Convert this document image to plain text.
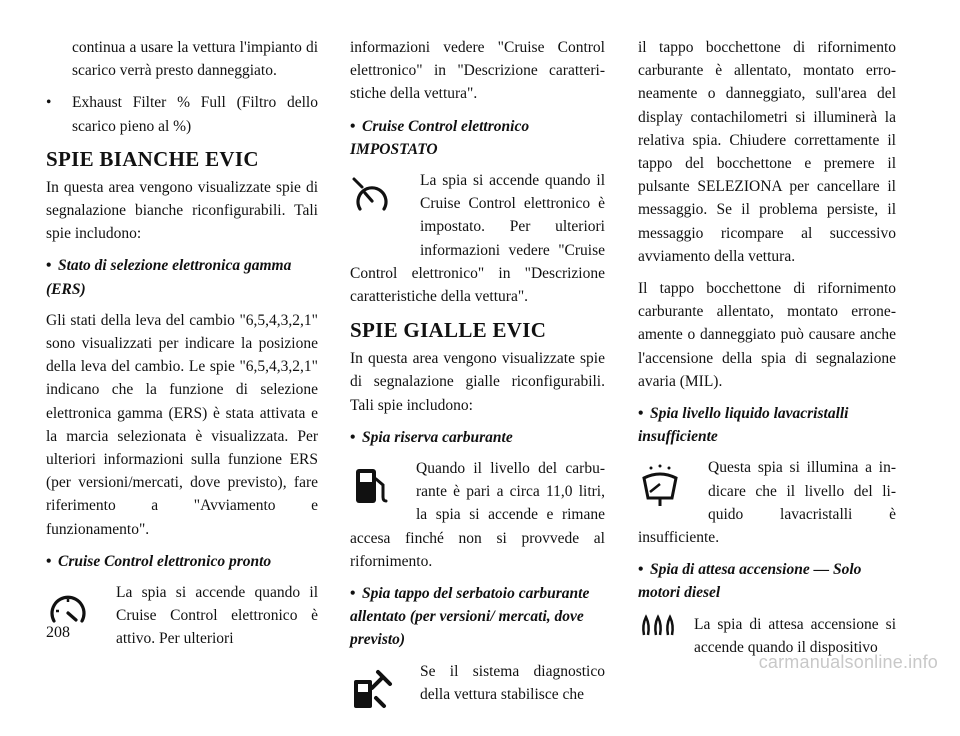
continua a usare la vettura l'impianto di scarico verrà presto danneggiato.

• Exhaust Filter % Full (Filtro dello scarico pieno al %)

SPIE BIANCHE EVIC

In questa area vengono visualizzate spie di segnalazione bianche riconfigurabili. Tali spie includono:

• Stato di selezione elettronica gamma (ERS)

Gli stati della leva del cambio "6,5,4,3,2,1" sono visualizzati per indicare la posizione della leva del cambio. Le spie "6,5,4,3,2,1" indicano che la funzione di selezione elettronica gamma (ERS) è stata attivata e la marcia selezionata è visualizzata. Per ulteriori informazioni sulla funzione ERS (per versioni/mercati, dove previsto), fare riferimento a "Avviamento e funzionamento".

• Cruise Control elettronico pronto

La spia si accende quando il Cruise Control elettronico è attivo. Per ulteriori

informazioni vedere "Cruise Control elettronico" in "Descrizione caratteristiche della vettura".

• Cruise Control elettronico IMPOSTATO

La spia si accende quando il Cruise Control elettronico è impostato. Per ulteriori informazioni vedere "Cruise Control elettronico" in "Descrizione caratteristiche della vettura".
SPIE GIALLE EVIC

In questa area vengono visualizzate spie di segnalazione gialle riconfigurabili. Tali spie includono:

• Spia riserva carburante

Quando il livello del carburante è pari a circa 11,0 litri, la spia si accende e rimane accesa finché non si provvede al rifornimento.

• Spia tappo del serbatoio carburante allentato (per versioni/ mercati, dove previsto)

Se il sistema diagnostico della vettura stabilisce che

il tappo bocchettone di rifornimento carburante è allentato, montato erroneamente o danneggiato, sull'area del display contachilometri si illuminerà la relativa spia. Chiudere correttamente il tappo del bocchettone e premere il pulsante SELEZIONA per cancellare il messaggio. Se il problema persiste, il messaggio ricompare al successivo avviamento della vettura.

Il tappo bocchettone di rifornimento carburante allentato, montato erroneamente o danneggiato può causare anche l'accensione della spia di segnalazione avaria (MIL).

• Spia livello liquido lavacristalli insufficiente

Questa spia si illumina a indicare che il livello del liquido lavacristalli è insufficiente.

• Spia di attesa accensione — Solo motori diesel

La spia di attesa accensione si accende quando il dispositivo
208
carmanualsonline.info
